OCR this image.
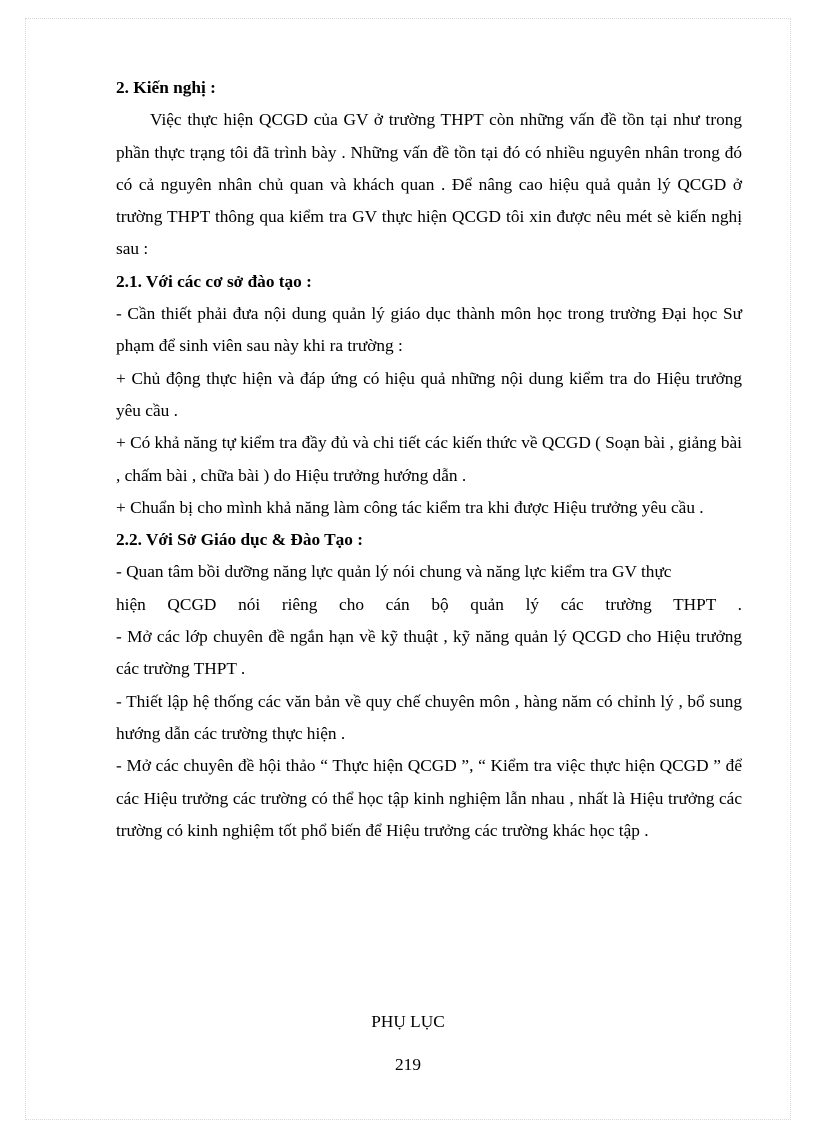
2. Kiến nghị :

Việc thực hiện QCGD của GV ở trường THPT còn những vấn đề tồn tại như trong phần thực trạng tôi đã trình bày . Những vấn đề tồn tại đó có nhiều nguyên nhân trong đó có cả nguyên nhân chủ quan và khách quan . Để nâng cao hiệu quả quản lý QCGD ở trường THPT thông qua kiểm tra GV thực hiện QCGD tôi xin được nêu mét sè kiến nghị sau :

2.1. Với các cơ sở đào tạo :

- Cần thiết phải đưa nội dung quản lý giáo dục thành môn học trong trường Đại học Sư phạm để sinh viên sau này khi ra trường :

+ Chủ động thực hiện và đáp ứng có hiệu quả những nội dung kiểm tra do Hiệu trưởng yêu cầu .

+ Có khả năng tự kiểm tra đầy đủ và chi tiết các kiến thức về QCGD ( Soạn bài , giảng bài , chấm bài , chữa bài ) do Hiệu trưởng hướng dẫn .

+ Chuẩn bị cho mình khả năng làm công tác kiểm tra khi được Hiệu trưởng yêu cầu .

2.2. Với Sở Giáo dục & Đào Tạo :

- Quan tâm bồi dưỡng năng lực quản lý nói chung và năng lực kiểm tra GV thực

hiện QCGD nói riêng cho cán bộ quản lý các trường THPT .

- Mở các lớp chuyên đề ngắn hạn về kỹ thuật , kỹ năng quản lý QCGD cho Hiệu trưởng các trường THPT .

- Thiết lập hệ thống các văn bản về quy chế chuyên môn , hàng năm có chỉnh lý , bổ sung hướng dẫn các trường thực hiện .

- Mở các chuyên đề hội thảo “ Thực hiện QCGD ”, “ Kiểm tra việc thực hiện QCGD ” để các Hiệu trưởng các trường có thể học tập kinh nghiệm lẫn nhau , nhất là Hiệu trưởng các trường có kinh nghiệm tốt phổ biến để Hiệu trưởng các trường khác học tập .

PHỤ LỤC
219
